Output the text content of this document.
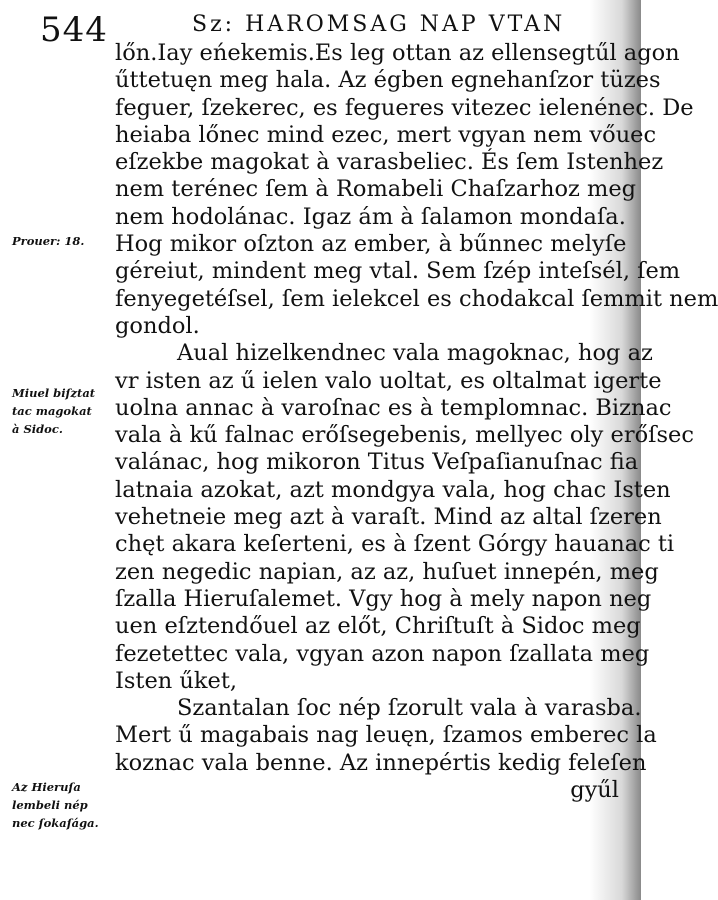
544	Sz: HAROMSAG NAP VTAN
lőn.Iay eńekemis.Es leg ottan az ellensegtűl agon
űttetuęn meg hala. Az égben egnehanſzor tüzes
feguer, ſzekerec, es fegueres vitezec ielenénec. De
heiaba lőnec mind ezec, mert vgyan nem vőuec
eſzekbe magokat à varasbeliec. És ſem Istenhez
nem terénec ſem à Romabeli Chaſzarhoz meg
nem hodolánac. Igaz ám à ſalamon mondaſa.
Hog mikor oſzton az ember, à bűnnec melyſe
géreiut, mindent meg vtal. Sem ſzép inteſsél, ſem
fenyegetéſsel, ſem ielekcel es chodakcal ſemmit nem
gondol.
Aual hizelkendnec vala magoknac, hog az
vr isten az ű ielen valo uoltat, es oltalmat igerte
uolna annac à varoſnac es à templomnac. Biznac
vala à kű falnac erőſsegebenis, mellyec oly erőſsec
valánac, hog mikoron Titus Veſpaſianuſnac fia
latnaia azokat, azt mondgya vala, hog chac Isten
vehetneie meg azt à varaſt. Mind az altal ſzeren
chęt akara keſerteni, es à ſzent Górgy hauanac ti
zen negedic napian, az az, huſuet innepén, meg
ſzalla Hieruſalemet. Vgy hog à mely napon neg
uen eſztendőuel az előt, Chriſtuſt à Sidoc meg
fezetettec vala, vgyan azon napon ſzallata meg
Isten űket,
Szantalan ſoc nép ſzorult vala à varasba.
Mert ű magabais nag leuęn, ſzamos emberec la
koznac vala benne. Az innepértis kedig feleſen
gyűl
Prouer: 18.
Miuel biſztat
tac magokat
à Sidoc.
Az Hieruſa
lembeli nép
nec ſokaſága.
